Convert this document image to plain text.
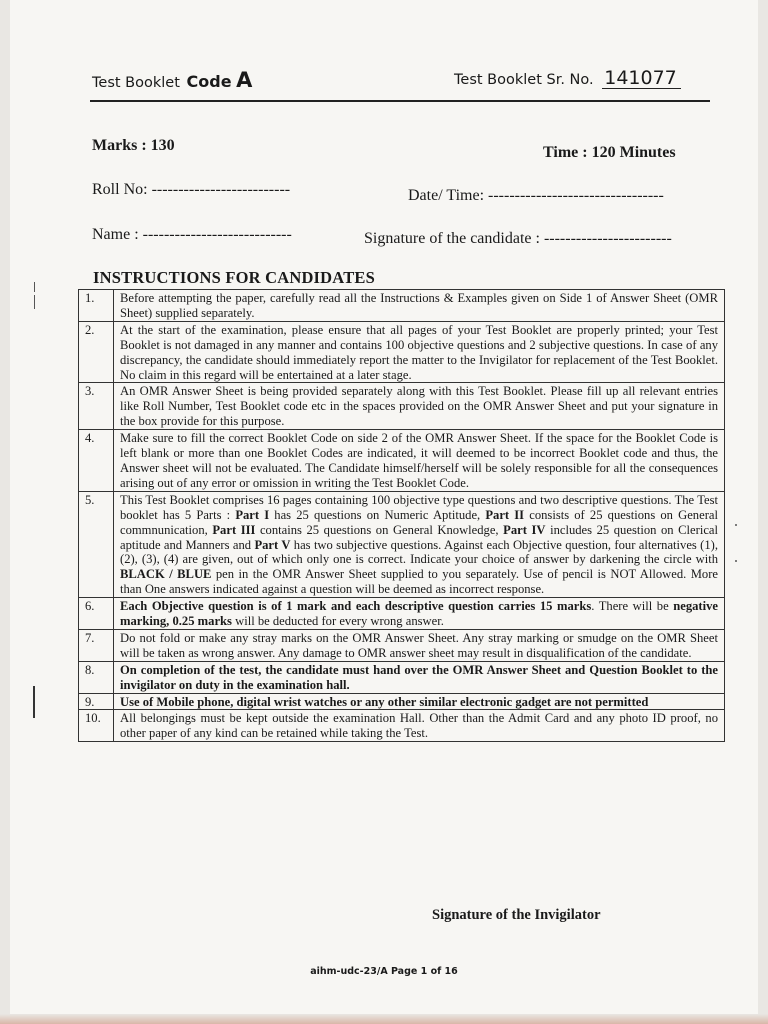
Test Booklet Code A	Test Booklet Sr. No. 141077
Marks : 130	Time : 120 Minutes
Roll No: --------------------------	Date/ Time: ---------------------------------
Name : ----------------------------	Signature of the candidate : ------------------------
INSTRUCTIONS FOR CANDIDATES
1.	Before attempting the paper, carefully read all the Instructions & Examples given on Side 1 of Answer Sheet (OMR Sheet) supplied separately.
2.	At the start of the examination, please ensure that all pages of your Test Booklet are properly printed; your Test Booklet is not damaged in any manner and contains 100 objective questions and 2 subjective questions. In case of any discrepancy, the candidate should immediately report the matter to the Invigilator for replacement of the Test Booklet. No claim in this regard will be entertained at a later stage.
3.	An OMR Answer Sheet is being provided separately along with this Test Booklet. Please fill up all relevant entries like Roll Number, Test Booklet code etc in the spaces provided on the OMR Answer Sheet and put your signature in the box provide for this purpose.
4.	Make sure to fill the correct Booklet Code on side 2 of the OMR Answer Sheet. If the space for the Booklet Code is left blank or more than one Booklet Codes are indicated, it will deemed to be incorrect Booklet code and thus, the Answer sheet will not be evaluated. The Candidate himself/herself will be solely responsible for all the consequences arising out of any error or omission in writing the Test Booklet Code.
5.	This Test Booklet comprises 16 pages containing 100 objective type questions and two descriptive questions. The Test booklet has 5 Parts : Part I has 25 questions on Numeric Aptitude, Part II consists of 25 questions on General commnunication, Part III contains 25 questions on General Knowledge, Part IV includes 25 question on Clerical aptitude and Manners and Part V has two subjective questions. Against each Objective question, four alternatives (1), (2), (3), (4) are given, out of which only one is correct. Indicate your choice of answer by darkening the circle with BLACK / BLUE pen in the OMR Answer Sheet supplied to you separately. Use of pencil is NOT Allowed. More than One answers indicated against a question will be deemed as incorrect response.
6.	Each Objective question is of 1 mark and each descriptive question carries 15 marks. There will be negative marking, 0.25 marks will be deducted for every wrong answer.
7.	Do not fold or make any stray marks on the OMR Answer Sheet. Any stray marking or smudge on the OMR Sheet will be taken as wrong answer. Any damage to OMR answer sheet may result in disqualification of the candidate.
8.	On completion of the test, the candidate must hand over the OMR Answer Sheet and Question Booklet to the invigilator on duty in the examination hall.
9.	Use of Mobile phone, digital wrist watches or any other similar electronic gadget are not permitted
10.	All belongings must be kept outside the examination Hall. Other than the Admit Card and any photo ID proof, no other paper of any kind can be retained while taking the Test.
Signature of the Invigilator
aihm-udc-23/A Page 1 of 16
